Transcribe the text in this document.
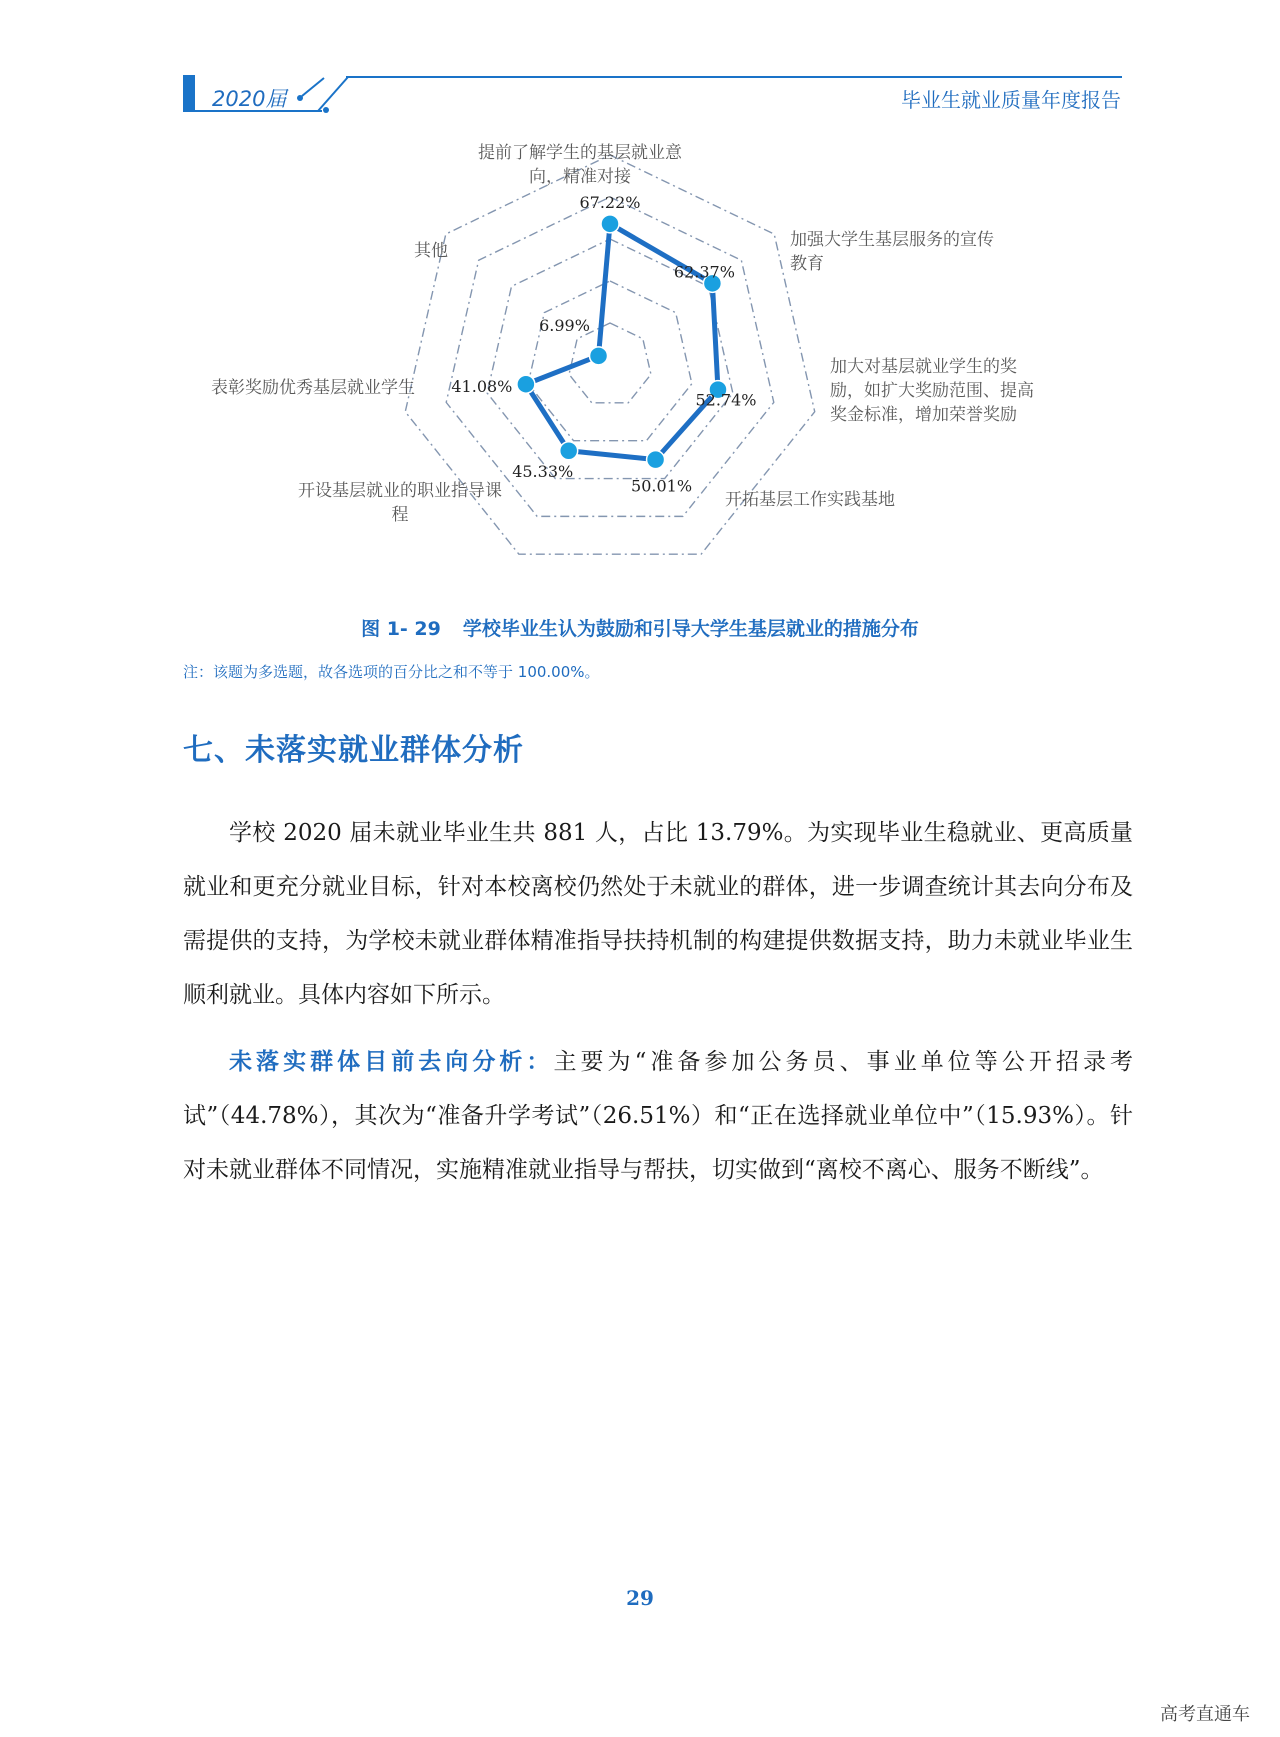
2020届	毕业生就业质量年度报告
67.22%
62.37%
52.74%
50.01%
45.33%
41.08%
6.99%
提前了解学生的基层就业意
向，精准对接
加强大学生基层服务的宣传
教育
加大对基层就业学生的奖
励，如扩大奖励范围、提高
奖金标准，增加荣誉奖励
开拓基层工作实践基地
开设基层就业的职业指导课
程
表彰奖励优秀基层就业学生
其他
图 1- 29 学校毕业生认为鼓励和引导大学生基层就业的措施分布
注：该题为多选题，故各选项的百分比之和不等于 100.00%。
七、未落实就业群体分析
学校 2020 届未就业毕业生共 881 人，占比 13.79%。为实现毕业生稳就业、更高质量就业和更充分就业目标，针对本校离校仍然处于未就业的群体，进一步调查统计其去向分布及需提供的支持，为学校未就业群体精准指导扶持机制的构建提供数据支持，助力未就业毕业生顺利就业。具体内容如下所示。
未落实群体目前去向分析：主要为“准备参加公务员、事业单位等公开招录考试”（44.78%），其次为“准备升学考试”（26.51%）和“正在选择就业单位中”（15.93%）。针对未就业群体不同情况，实施精准就业指导与帮扶，切实做到“离校不离心、服务不断线”。
29
高考直通车
